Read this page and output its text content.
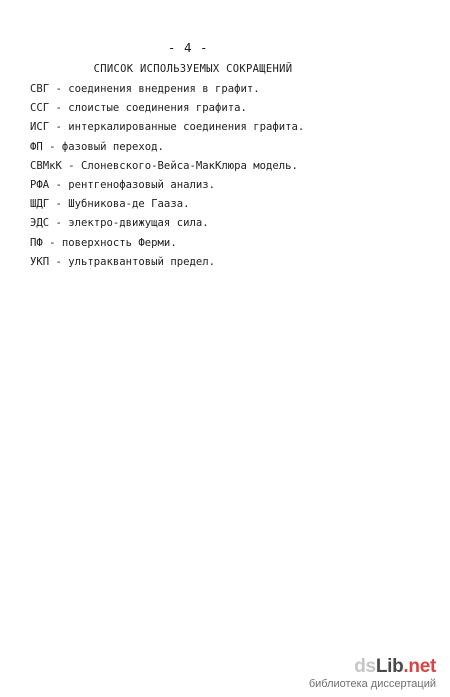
- 4 -
СПИСОК ИСПОЛЬЗУЕМЫХ СОКРАЩЕНИЙ
СВГ - соединения внедрения в графит.
ССГ - слоистые соединения графита.
ИСГ - интеркалированные соединения графита.
ФП - фазовый переход.
СВМкК - Слоневского-Вейса-МакКлюра модель.
РФА - рентгенофазовый анализ.
ШДГ - Шубникова-де Гааза.
ЭДС - электро-движущая сила.
ПФ - поверхность Ферми.
УКП - ультраквантовый предел.
dsLib.net
библиотека диссертаций
